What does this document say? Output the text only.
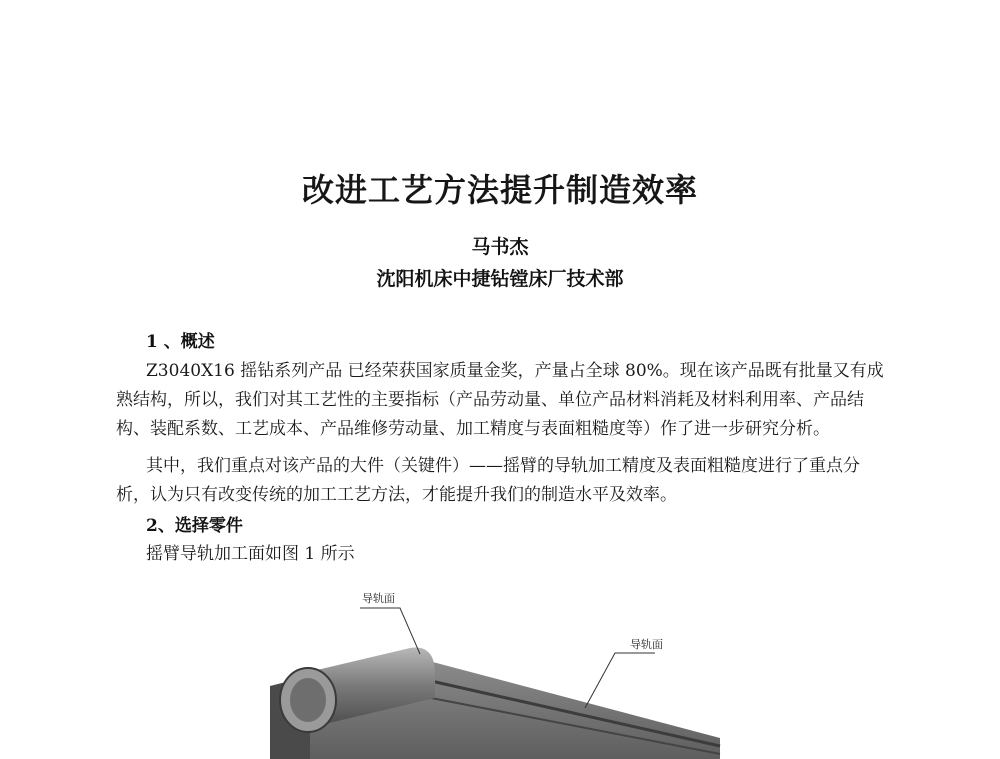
改进工艺方法提升制造效率
马书杰
沈阳机床中捷钻镗床厂技术部
1 、概述
Z3040X16 摇钻系列产品 已经荣获国家质量金奖，产量占全球 80%。现在该产品既有批量又有成
熟结构，所以，我们对其工艺性的主要指标（产品劳动量、单位产品材料消耗及材料利用率、产品结
构、装配系数、工艺成本、产品维修劳动量、加工精度与表面粗糙度等）作了进一步研究分析。
其中，我们重点对该产品的大件（关键件）——摇臂的导轨加工精度及表面粗糙度进行了重点分
析，认为只有改变传统的加工工艺方法，才能提升我们的制造水平及效率。
2、选择零件
摇臂导轨加工面如图 1 所示
导轨面
导轨面
